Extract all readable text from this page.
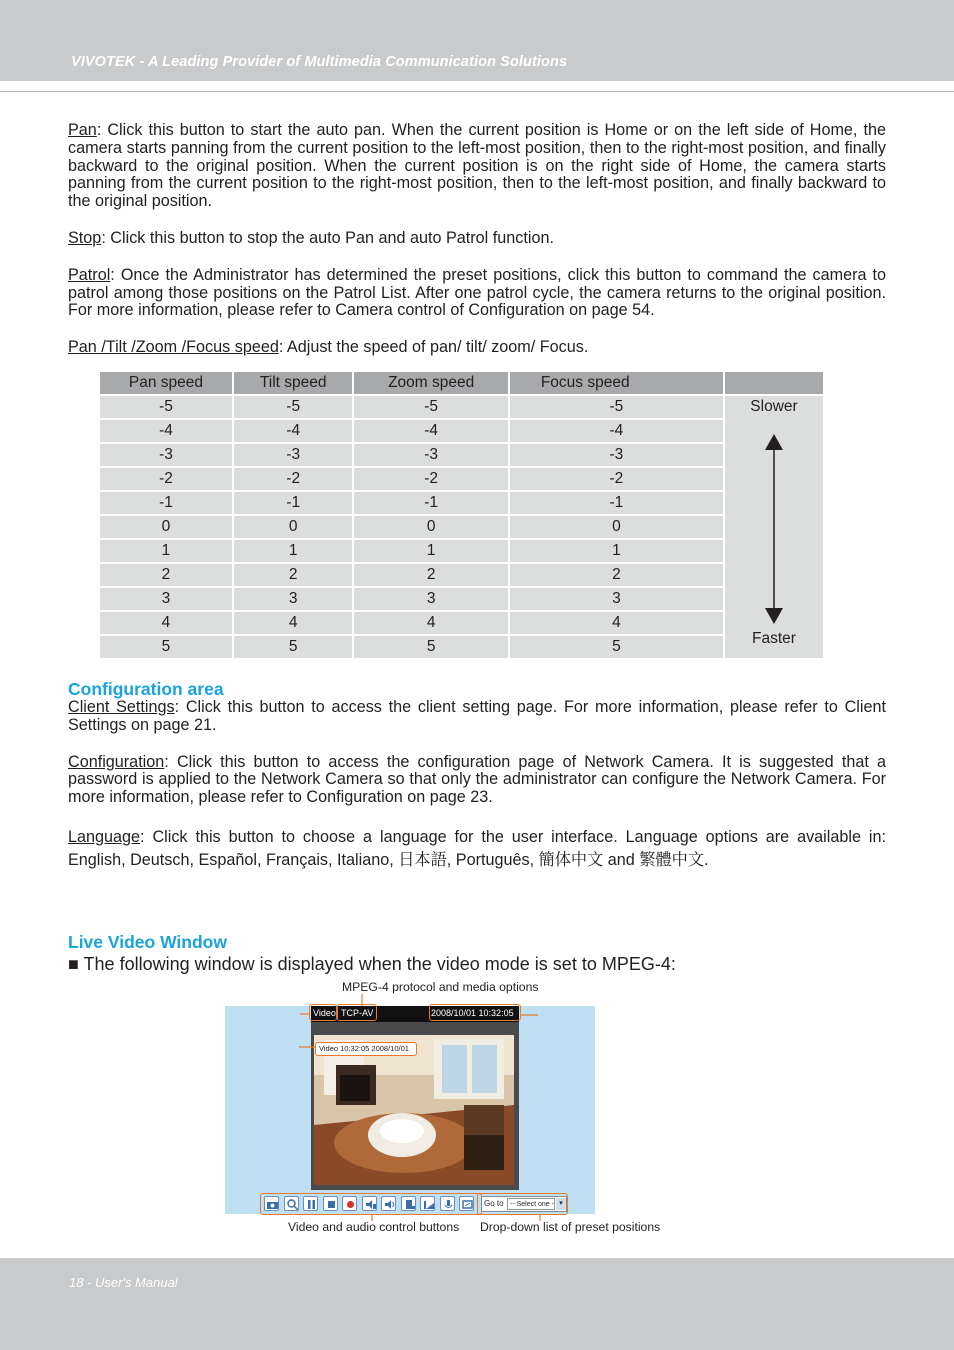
VIVOTEK - A Leading Provider of Multimedia Communication Solutions

Pan: Click this button to start the auto pan. When the current position is Home or on the left side of Home, the camera starts panning from the current position to the left-most position, then to the right-most position, and finally backward to the original position. When the current position is on the right side of Home, the camera starts panning from the current position to the right-most position, then to the left-most position, and finally backward to the original position.

Stop: Click this button to stop the auto Pan and auto Patrol function.

Patrol: Once the Administrator has determined the preset positions, click this button to command the camera to patrol among those positions on the Patrol List. After one patrol cycle, the camera returns to the original position. For more information, please refer to Camera control of Configuration on page 54.

Pan /Tilt /Zoom /Focus speed: Adjust the speed of pan/ tilt/ zoom/ Focus.

Pan speed	Tilt speed	Zoom speed	Focus speed	
-5	-5	-5	-5	Slower
Faster

-4	-4	-4	-4	
-3	-3	-3	-3	
-2	-2	-2	-2	
-1	-1	-1	-1	
0	0	0	0	
1	1	1	1	
2	2	2	2	
3	3	3	3	
4	4	4	4	
5	5	5	5	
Configuration area

Client Settings: Click this button to access the client setting page. For more information, please refer to Client Settings on page 21.

Configuration: Click this button to access the configuration page of Network Camera. It is suggested that a password is applied to the Network Camera so that only the administrator can configure the Network Camera. For more information, please refer to Configuration on page 23.

Language: Click this button to choose a language for the user interface. Language options are available in: English, Deutsch, Español, Français, Italiano, 日本語, Português, 簡体中文 and 繁體中文.

Live Video Window
■ The following window is displayed when the video mode is set to MPEG-4:
MPEG-4 protocol and media options
Video and audio control buttons Drop-down list of preset positions
Video TCP-AV	2008/10/01 10:32:05
Video 10:32:05 2008/10/01
Go to -- Select one --
▾
18 - User's Manual
